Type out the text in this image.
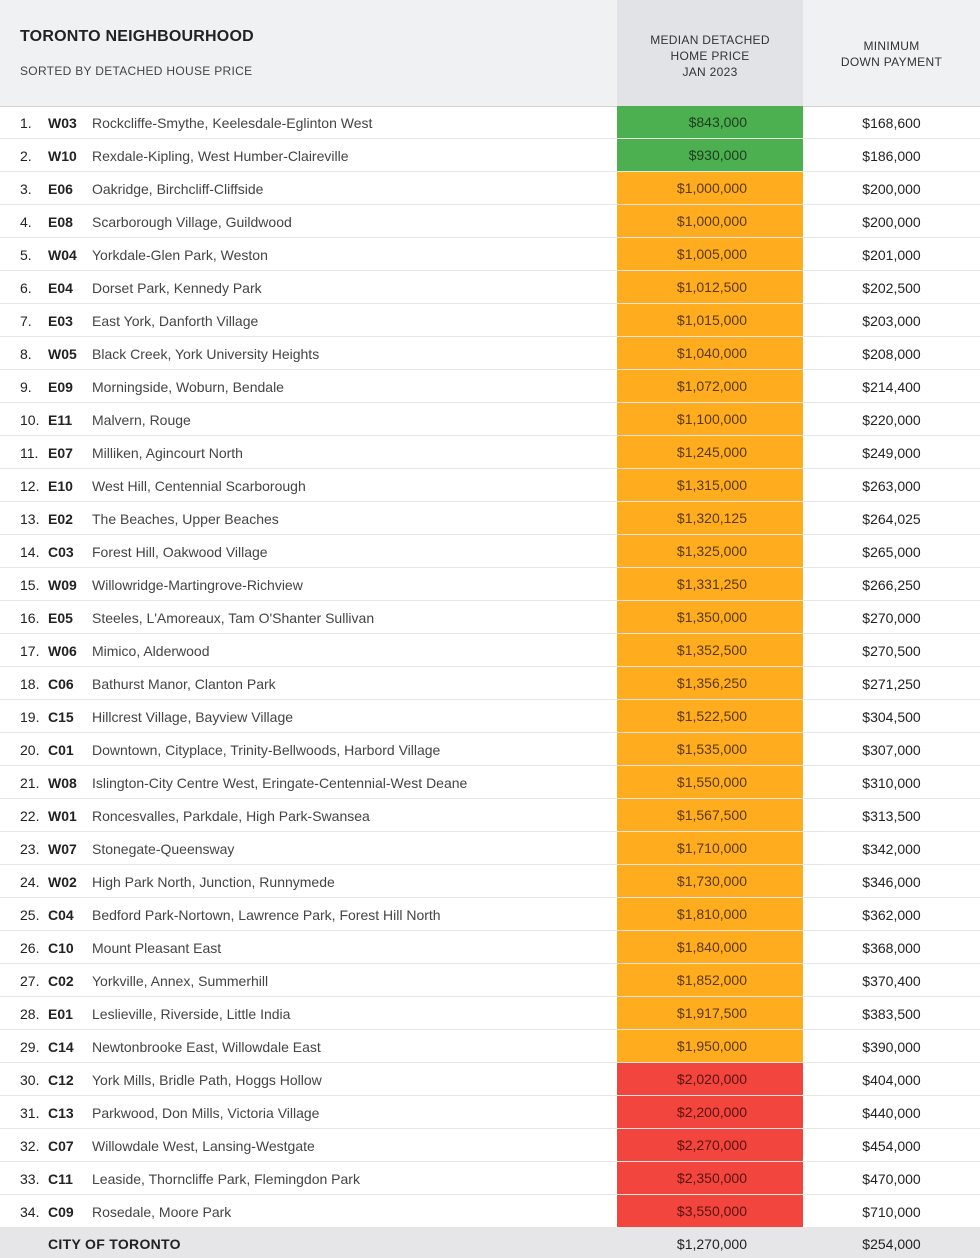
TORONTO NEIGHBOURHOOD
SORTED BY DETACHED HOUSE PRICE
MEDIAN DETACHED
HOME PRICE
JAN 2023
MINIMUM
DOWN PAYMENT
1. W03 Rockcliffe-Smythe, Keelesdale-Eglinton West	$843,000	$168,600
2. W10 Rexdale-Kipling, West Humber-Claireville	$930,000	$186,000
3. E06 Oakridge, Birchcliff-Cliffside	$1,000,000	$200,000
4. E08 Scarborough Village, Guildwood	$1,000,000	$200,000
5. W04 Yorkdale-Glen Park, Weston	$1,005,000	$201,000
6. E04 Dorset Park, Kennedy Park	$1,012,500	$202,500
7. E03 East York, Danforth Village	$1,015,000	$203,000
8. W05 Black Creek, York University Heights	$1,040,000	$208,000
9. E09 Morningside, Woburn, Bendale	$1,072,000	$214,400
10. E11 Malvern, Rouge	$1,100,000	$220,000
11. E07 Milliken, Agincourt North	$1,245,000	$249,000
12. E10 West Hill, Centennial Scarborough	$1,315,000	$263,000
13. E02 The Beaches, Upper Beaches	$1,320,125	$264,025
14. C03 Forest Hill, Oakwood Village	$1,325,000	$265,000
15. W09 Willowridge-Martingrove-Richview	$1,331,250	$266,250
16. E05 Steeles, L'Amoreaux, Tam O'Shanter Sullivan	$1,350,000	$270,000
17. W06 Mimico, Alderwood	$1,352,500	$270,500
18. C06 Bathurst Manor, Clanton Park	$1,356,250	$271,250
19. C15 Hillcrest Village, Bayview Village	$1,522,500	$304,500
20. C01 Downtown, Cityplace, Trinity-Bellwoods, Harbord Village	$1,535,000	$307,000
21. W08 Islington-City Centre West, Eringate-Centennial-West Deane	$1,550,000	$310,000
22. W01 Roncesvalles, Parkdale, High Park-Swansea	$1,567,500	$313,500
23. W07 Stonegate-Queensway	$1,710,000	$342,000
24. W02 High Park North, Junction, Runnymede	$1,730,000	$346,000
25. C04 Bedford Park-Nortown, Lawrence Park, Forest Hill North	$1,810,000	$362,000
26. C10 Mount Pleasant East	$1,840,000	$368,000
27. C02 Yorkville, Annex, Summerhill	$1,852,000	$370,400
28. E01 Leslieville, Riverside, Little India	$1,917,500	$383,500
29. C14 Newtonbrooke East, Willowdale East	$1,950,000	$390,000
30. C12 York Mills, Bridle Path, Hoggs Hollow	$2,020,000	$404,000
31. C13 Parkwood, Don Mills, Victoria Village	$2,200,000	$440,000
32. C07 Willowdale West, Lansing-Westgate	$2,270,000	$454,000
33. C11 Leaside, Thorncliffe Park, Flemingdon Park	$2,350,000	$470,000
34. C09 Rosedale, Moore Park	$3,550,000	$710,000
CITY OF TORONTO	$1,270,000	$254,000
